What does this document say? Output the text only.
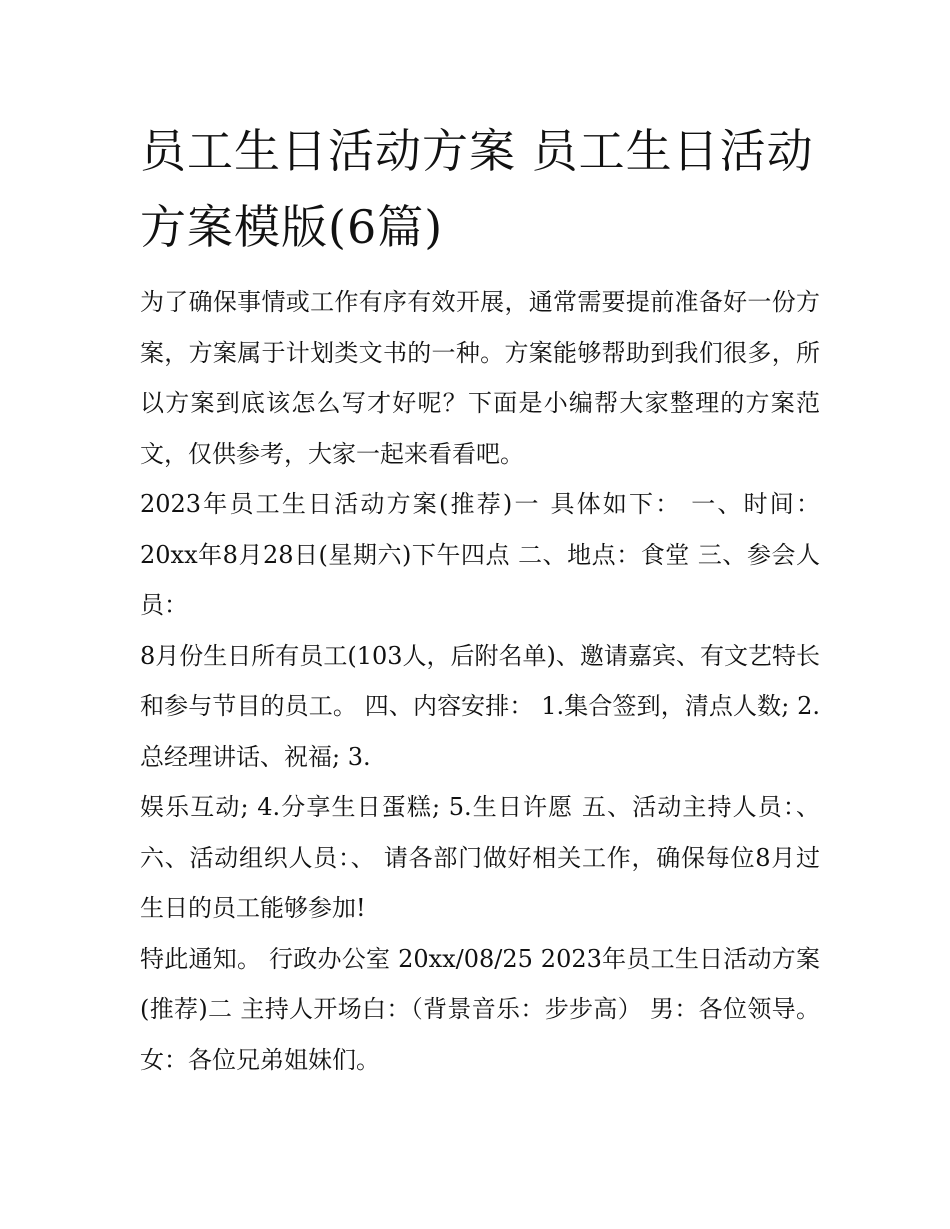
员工生日活动方案 员工生日活动方案模版(6篇)

为了确保事情或工作有序有效开展，通常需要提前准备好一份方案，方案属于计划类文书的一种。方案能够帮助到我们很多，所以方案到底该怎么写才好呢？下面是小编帮大家整理的方案范文，仅供参考，大家一起来看看吧。

2023年员工生日活动方案(推荐)一 具体如下： 一、时间：20xx年8月28日(星期六)下午四点 二、地点：食堂 三、参会人员：

8月份生日所有员工(103人，后附名单)、邀请嘉宾、有文艺特长和参与节目的员工。 四、内容安排： 1.集合签到，清点人数; 2.总经理讲话、祝福; 3.

娱乐互动; 4.分享生日蛋糕; 5.生日许愿 五、活动主持人员：、 六、活动组织人员：、 请各部门做好相关工作，确保每位8月过生日的员工能够参加!

特此通知。 行政办公室 20xx/08/25 2023年员工生日活动方案(推荐)二 主持人开场白：（背景音乐：步步高） 男：各位领导。 女：各位兄弟姐妹们。
